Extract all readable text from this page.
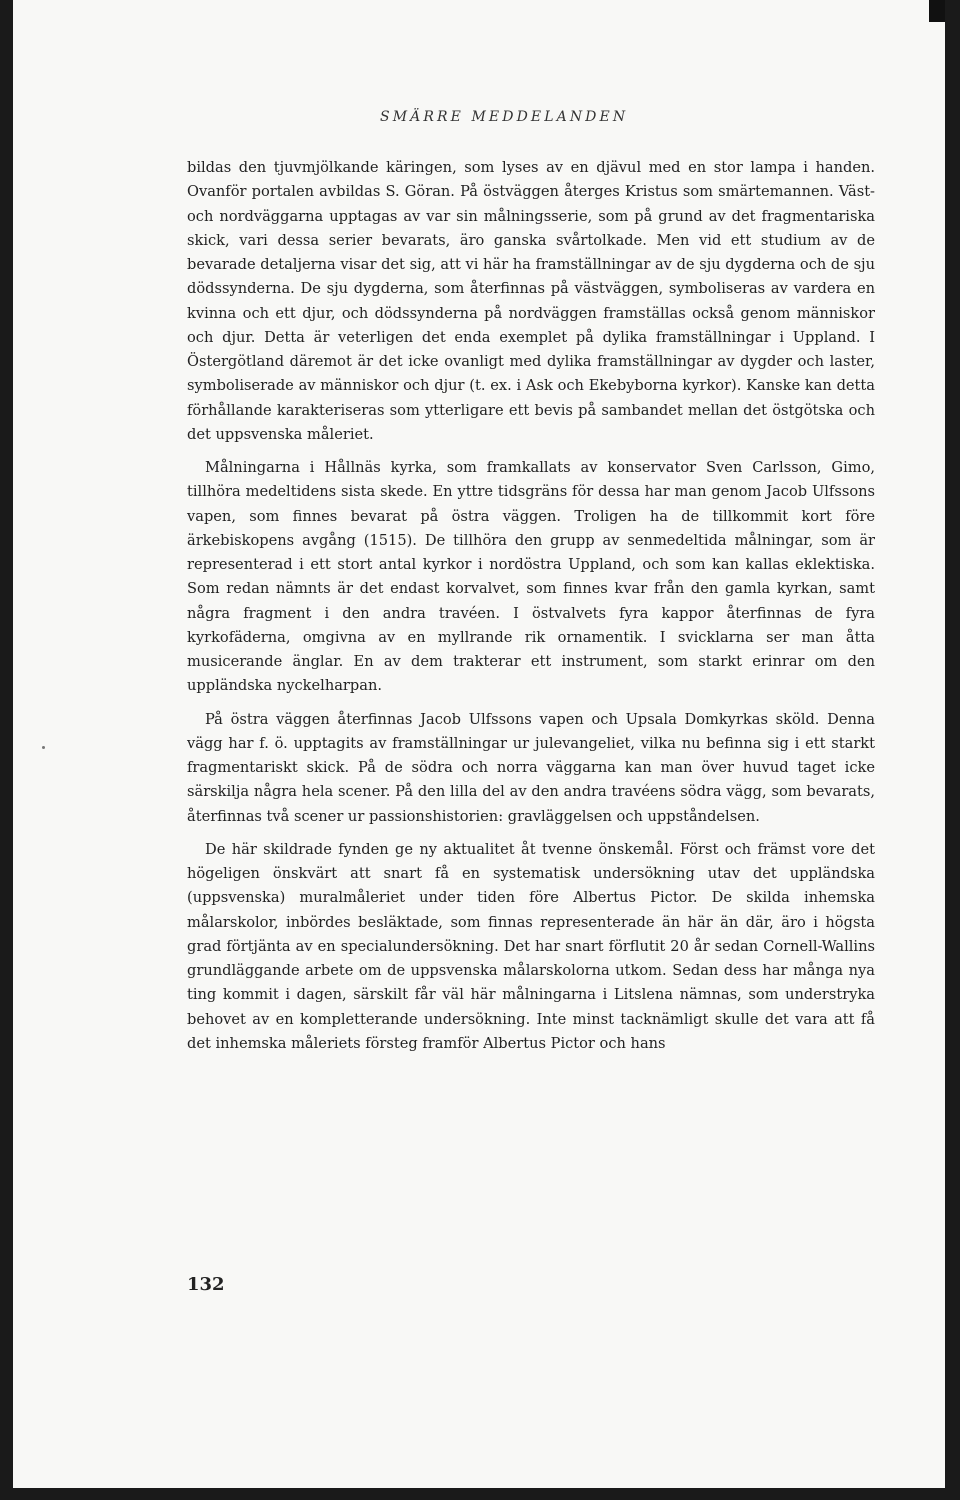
SMÄRRE MEDDELANDEN

bildas den tjuvmjölkande käringen, som lyses av en djävul med en stor lampa i handen. Ovanför portalen avbildas S. Göran. På östväggen återges Kristus som smärtemannen. Väst- och nordväggarna upptagas av var sin målningsserie, som på grund av det fragmentariska skick, vari dessa serier bevarats, äro ganska svårtolkade. Men vid ett studium av de bevarade detaljerna visar det sig, att vi här ha framställningar av de sju dygderna och de sju dödssynderna. De sju dygderna, som återfinnas på västväggen, symboliseras av vardera en kvinna och ett djur, och dödssynderna på nordväggen framställas också genom människor och djur. Detta är veterligen det enda exemplet på dylika framställningar i Uppland. I Östergötland däremot är det icke ovanligt med dylika framställningar av dygder och laster, symboliserade av människor och djur (t. ex. i Ask och Ekebyborna kyrkor). Kanske kan detta förhållande karakteriseras som ytterligare ett bevis på sambandet mellan det östgötska och det uppsvenska måleriet.

Målningarna i Hållnäs kyrka, som framkallats av konservator Sven Carlsson, Gimo, tillhöra medeltidens sista skede. En yttre tidsgräns för dessa har man genom Jacob Ulfssons vapen, som finnes bevarat på östra väggen. Troligen ha de tillkommit kort före ärkebiskopens avgång (1515). De tillhöra den grupp av senmedeltida målningar, som är representerad i ett stort antal kyrkor i nordöstra Uppland, och som kan kallas eklektiska. Som redan nämnts är det endast korvalvet, som finnes kvar från den gamla kyrkan, samt några fragment i den andra travéen. I östvalvets fyra kappor återfinnas de fyra kyrkofäderna, omgivna av en myllrande rik ornamentik. I svicklarna ser man åtta musicerande änglar. En av dem trakterar ett instrument, som starkt erinrar om den uppländska nyckelharpan.

På östra väggen återfinnas Jacob Ulfssons vapen och Upsala Domkyrkas sköld. Denna vägg har f. ö. upptagits av framställningar ur julevangeliet, vilka nu befinna sig i ett starkt fragmentariskt skick. På de södra och norra väggarna kan man över huvud taget icke särskilja några hela scener. På den lilla del av den andra travéens södra vägg, som bevarats, återfinnas två scener ur passionshistorien: gravläggelsen och uppståndelsen.

De här skildrade fynden ge ny aktualitet åt tvenne önskemål. Först och främst vore det högeligen önskvärt att snart få en systematisk undersökning utav det uppländska (uppsvenska) muralmåleriet under tiden före Albertus Pictor. De skilda inhemska målarskolor, inbördes besläktade, som finnas representerade än här än där, äro i högsta grad förtjänta av en specialundersökning. Det har snart förflutit 20 år sedan Cornell-Wallins grundläggande arbete om de uppsvenska målarskolorna utkom. Sedan dess har många nya ting kommit i dagen, särskilt får väl här målningarna i Litslena nämnas, som understryka behovet av en kompletterande undersökning. Inte minst tacknämligt skulle det vara att få det inhemska måleriets försteg framför Albertus Pictor och hans

132
